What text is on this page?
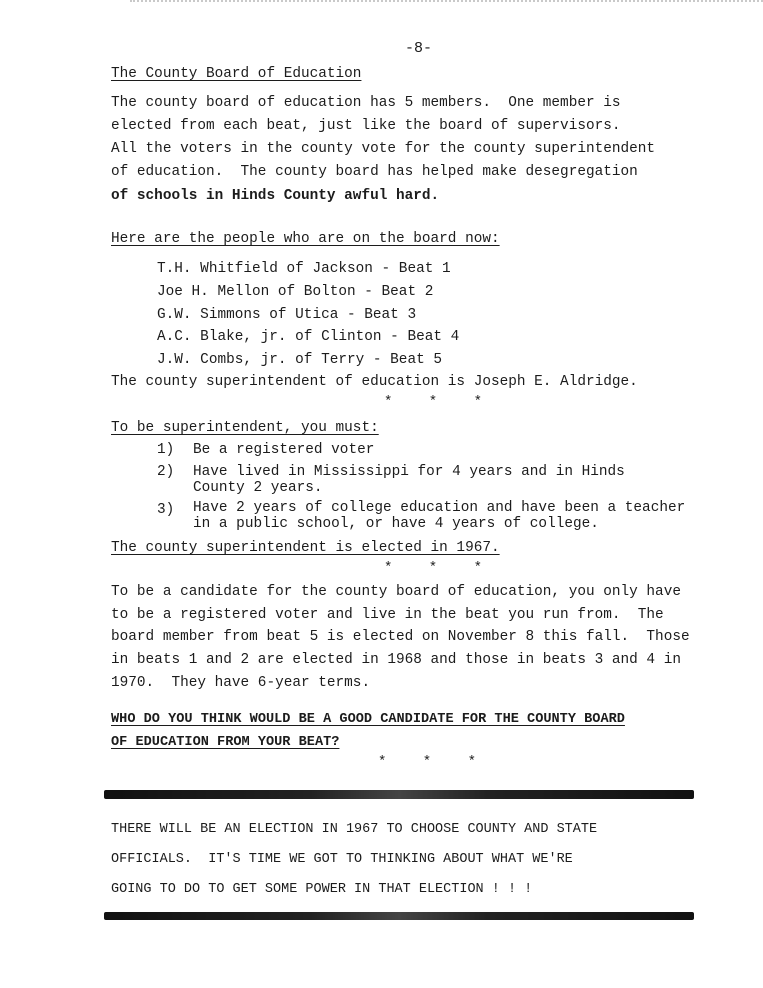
-8-
The County Board of Education
The county board of education has 5 members.  One member is
elected from each beat, just like the board of supervisors.
All the voters in the county vote for the county superintendent
of education.  The county board has helped make desegregation
of schools in Hinds County awful hard.
Here are the people who are on the board now:
T.H. Whitfield of Jackson - Beat 1
Joe H. Mellon of Bolton - Beat 2
G.W. Simmons of Utica - Beat 3
A.C. Blake, jr. of Clinton - Beat 4
J.W. Combs, jr. of Terry - Beat 5
The county superintendent of education is Joseph E. Aldridge.
* * *
To be superintendent, you must:
1) Be a registered voter
2) Have lived in Mississippi for 4 years and in Hinds
County 2 years.
3) Have 2 years of college education and have been a teacher
in a public school, or have 4 years of college.
The county superintendent is elected in 1967.
* * *
To be a candidate for the county board of education, you only have
to be a registered voter and live in the beat you run from.  The
board member from beat 5 is elected on November 8 this fall.  Those
in beats 1 and 2 are elected in 1968 and those in beats 3 and 4 in
1970.  They have 6-year terms.
WHO DO YOU THINK WOULD BE A GOOD CANDIDATE FOR THE COUNTY BOARD
OF EDUCATION FROM YOUR BEAT?
* * *
THERE WILL BE AN ELECTION IN 1967 TO CHOOSE COUNTY AND STATE
OFFICIALS.  IT'S TIME WE GOT TO THINKING ABOUT WHAT WE'RE
GOING TO DO TO GET SOME POWER IN THAT ELECTION ! ! !
